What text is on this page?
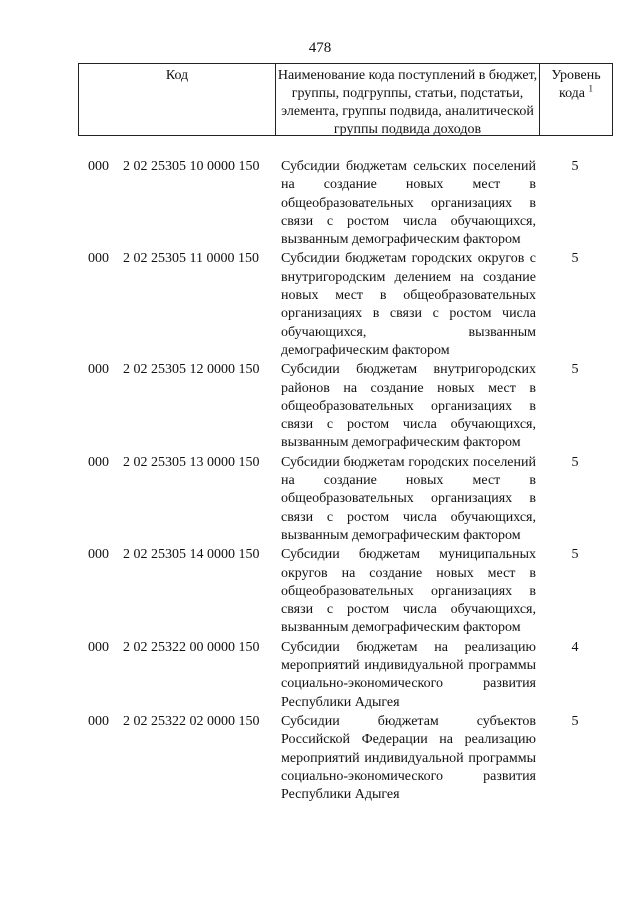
478
Код	Наименование кода поступлений в бюджет, группы, подгруппы, статьи, подстатьи, элемента, группы подвида, аналитической группы подвида доходов
Уровень кода $^1$
000 2 02 25305 10 0000 150 Субсидии бюджетам сельских поселений на создание новых мест в общеобразовательных организациях в связи с ростом числа обучающихся, вызванным демографическим фактором
5
000 2 02 25305 11 0000 150 Субсидии бюджетам городских округов с внутригородским делением на создание новых мест в общеобразовательных организациях в связи с ростом числа обучающихся, вызванным демографическим фактором
5
000 2 02 25305 12 0000 150 Субсидии бюджетам внутригородских районов на создание новых мест в общеобразовательных организациях в связи с ростом числа обучающихся, вызванным демографическим фактором
5
000 2 02 25305 13 0000 150 Субсидии бюджетам городских поселений на создание новых мест в общеобразовательных организациях в связи с ростом числа обучающихся, вызванным демографическим фактором
5
000 2 02 25305 14 0000 150 Субсидии бюджетам муниципальных округов на создание новых мест в общеобразовательных организациях в связи с ростом числа обучающихся, вызванным демографическим фактором
5
000 2 02 25322 00 0000 150 Субсидии бюджетам на реализацию мероприятий индивидуальной программы социально-экономического развития Республики Адыгея
4
000 2 02 25322 02 0000 150 Субсидии бюджетам субъектов Российской Федерации на реализацию мероприятий индивидуальной программы социально-экономического развития Республики Адыгея
5
